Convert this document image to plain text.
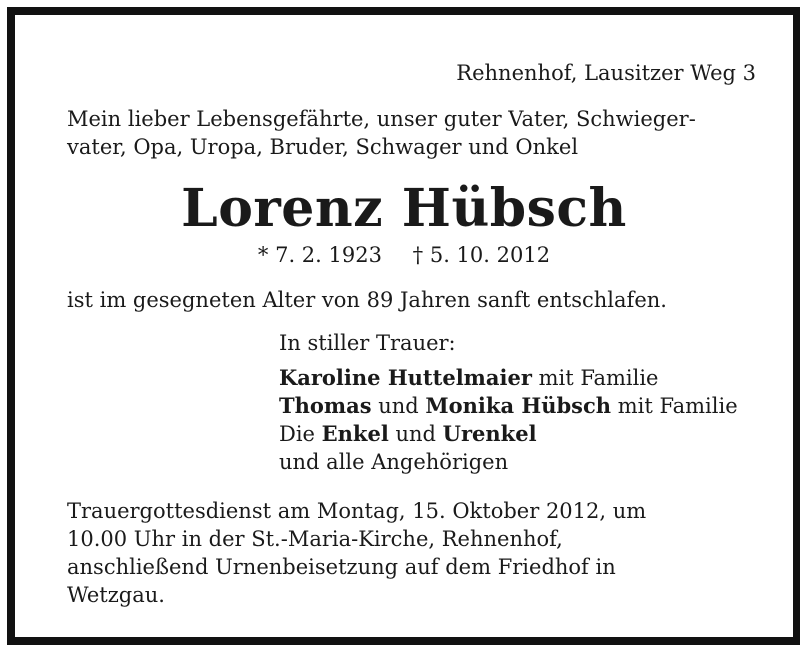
Rehnenhof, Lausitzer Weg 3
Mein lieber Lebensgefährte, unser guter Vater, Schwieger-
vater, Opa, Uropa, Bruder, Schwager und Onkel
Lorenz Hübsch
* 7. 2. 1923 † 5. 10. 2012
ist im gesegneten Alter von 89 Jahren sanft entschlafen.
In stiller Trauer:
Karoline Huttelmaier mit Familie
Thomas und Monika Hübsch mit Familie
Die Enkel und Urenkel
und alle Angehörigen
Trauergottesdienst am Montag, 15. Oktober 2012, um
10.00 Uhr in der St.-Maria-Kirche, Rehnenhof,
anschließend Urnenbeisetzung auf dem Friedhof in
Wetzgau.
